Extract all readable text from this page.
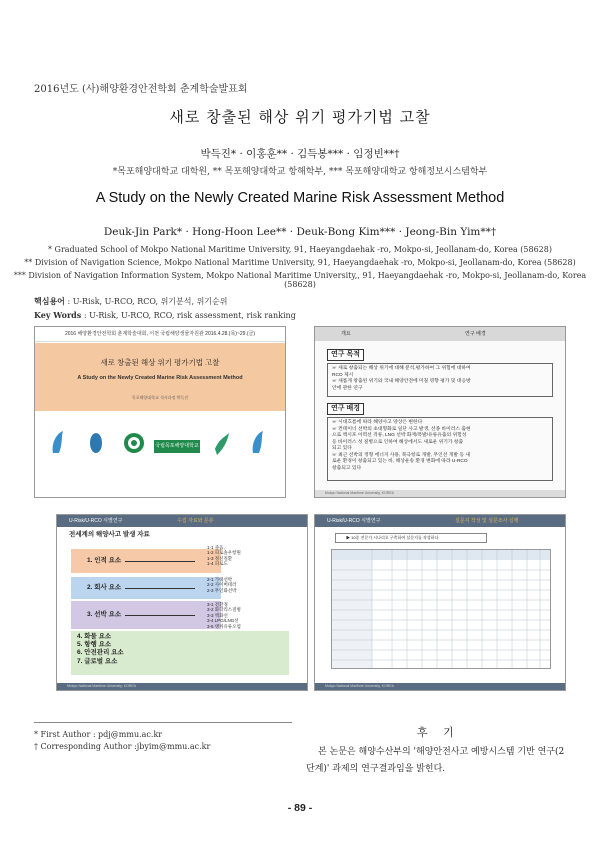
2016년도 (사)해양환경안전학회 춘계학술발표회
새로 창출된 해상 위기 평가기법 고찰
박득진* · 이홍훈** · 김득봉*** · 임정빈**†
*목포해양대학교 대학원, ** 목포해양대학교 항해학부, *** 목포해양대학교 항해정보시스템학부
A Study on the Newly Created Marine Risk Assessment Method
Deuk-Jin Park* · Hong-Hoon Lee** · Deuk-Bong Kim*** · Jeong-Bin Yim**†
* Graduated School of Mokpo National Maritime University, 91, Haeyangdaehak -ro, Mokpo-si, Jeollanam-do, Korea (58628)
** Division of Navigation Science, Mokpo National Maritime University, 91, Haeyangdaehak -ro, Mokpo-si, Jeollanam-do, Korea (58628)
*** Division of Navigation Information System, Mokpo National Maritime University,, 91, Haeyangdaehak -ro, Mokpo-si, Jeollanam-do, Korea (58628)
핵심용어 : U-Risk, U-RCO, RCO, 위기분석, 위기순위
Key Words : U-Risk, U-RCO, RCO, risk assessment, risk ranking
2016 해양환경안전학회 춘계학술대회, 서천 국립해양생물자원관 2016.4.28.(목)~29.(금)
새로 창출된 해상 위기 평가기법 고찰
A Study on the Newly Created Marine Risk Assessment Method
목포해양대학교 석사과정 박득진
국립목포해양대학교
개요	연구 배경
연구 목적
☞ 새로 창출되는 해상 위기에 대해 분석,평가하여 그 위험에 대하여
RCO 제시
☞ 새롭게 창출된 위기와 국내 해양안전에 미칠 영향 평가 및 대응방
안에 관한 연구
연구 배경
☞ 시대흐름에 따라 해양사고 양상은 변한다
☞ 컨테이너 선박의 초대형화로 일단 사고 발생, 선종 바이러스 출현
으로 액시포 이력선 격류, LNG 선박 화재/폭발/유류유출의 위험성
등 바이러스 성 질병으로 인하여 해상에서도 새로운 위기가 창출
되고 있다
☞ 최근 선박의 정형 에너지 사용, 북극항로 개발, 무인선 개발 등 새
로운 환경이 창출되고 있는 바, 해상운송 환경 변화에 따라 U-RCO
창출되고 있다
Mokpo National Maritime University, KOREA
U-Risk/U-RCO 식별연구	수집 자료와 문류
전세계의 해양사고 발생 자료
1. 인적 요소
1-1 졸음,
1-2 피로솔우항원
1-3 정신질환
1-4 피로도
2. 회사 요소
2-1 가대선박
2-2 사이버테러
2-3 무인화선박
3. 선박 요소
3-1 전환경
3-2 화학리스질병
3-3 액화선
3-4 LPG/LNG선
3-5 탱커유류오염
4. 화물 요소
5. 항행 요소
6. 안전관리 요소
7. 글로벌 요소
Mokpo National Maritime University, KOREA
U-Risk/U-RCO 식별연구	설문지 작성 및 설문조사 실행
▶ 10종 전문가 시나리오 구축하여 설문지를 작성하다.
Mokpo National Maritime University, KOREA
* First Author : pdj@mmu.ac.kr
† Corresponding Author :jbyim@mmu.ac.kr
후 기
본 논문은 해양수산부의 '해양안전사고 예방시스템 기반 연구(2단계)' 과제의 연구결과임을 밝힌다.
- 89 -
